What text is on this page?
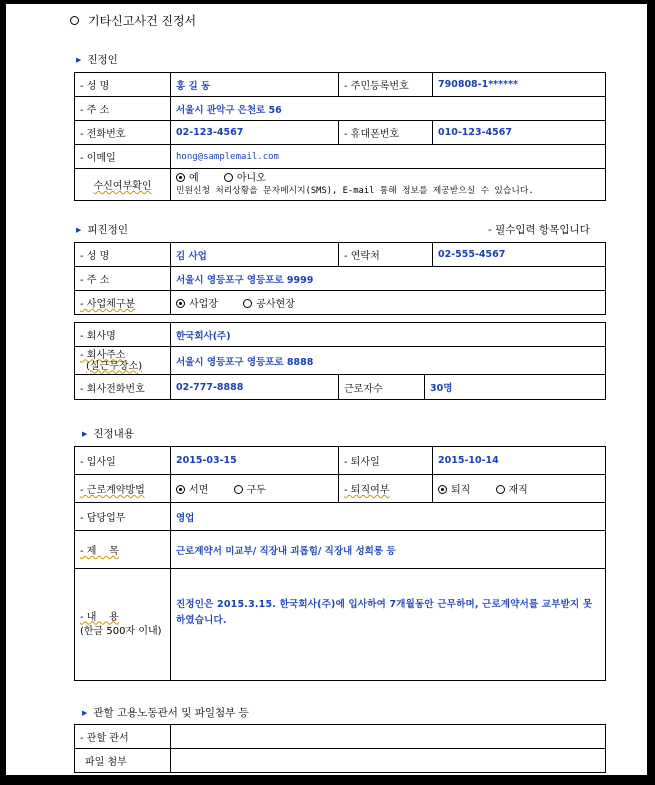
기타신고사건 진정서
▶ 진정인
- 성 명	홍 길 동	- 주민등록번호	790808-1******
- 주 소	서울시 관악구 은천로 56		
- 전화번호	02-123-4567	- 휴대폰번호	010-123-4567
- 이메일	hong@samplemail.com		
수신여부확인	예 아니오
민원신청 처리상황을 문자메시지(SMS), E-mail 통해 정보를 제공받으실 수 있습니다.		
▶ 피진정인	- 필수입력 항목입니다
- 성 명	김 사업	- 연락처	02-555-4567
- 주 소	서울시 영등포구 영등포로 9999		
- 사업체구분	사업장 공사현장		
- 회사명	한국회사(주)		

- 회사주소
(실근무장소)	서울시 영등포구 영등포로 8888		
- 회사전화번호	02-777-8888	근로자수	30명
▶ 진정내용
- 입사일	2015-03-15	- 퇴사일	2015-10-14
- 근로계약방법	서면 구두	- 퇴직여부	퇴직 재직
- 담당업무	영업		
- 제    목	근로계약서 미교부/ 직장내 괴롭힘/ 직장내 성희롱 등		

- 내    용
(한글 500자 이내)	진정인은 2015.3.15. 한국회사(주)에 입사하여 7개월동안 근무하며, 근로계약서를 교부받지 못하였습니다.		
▶ 관할 고용노동관서 및 파일첨부 등
- 관할 관서	
파일 첨부	
